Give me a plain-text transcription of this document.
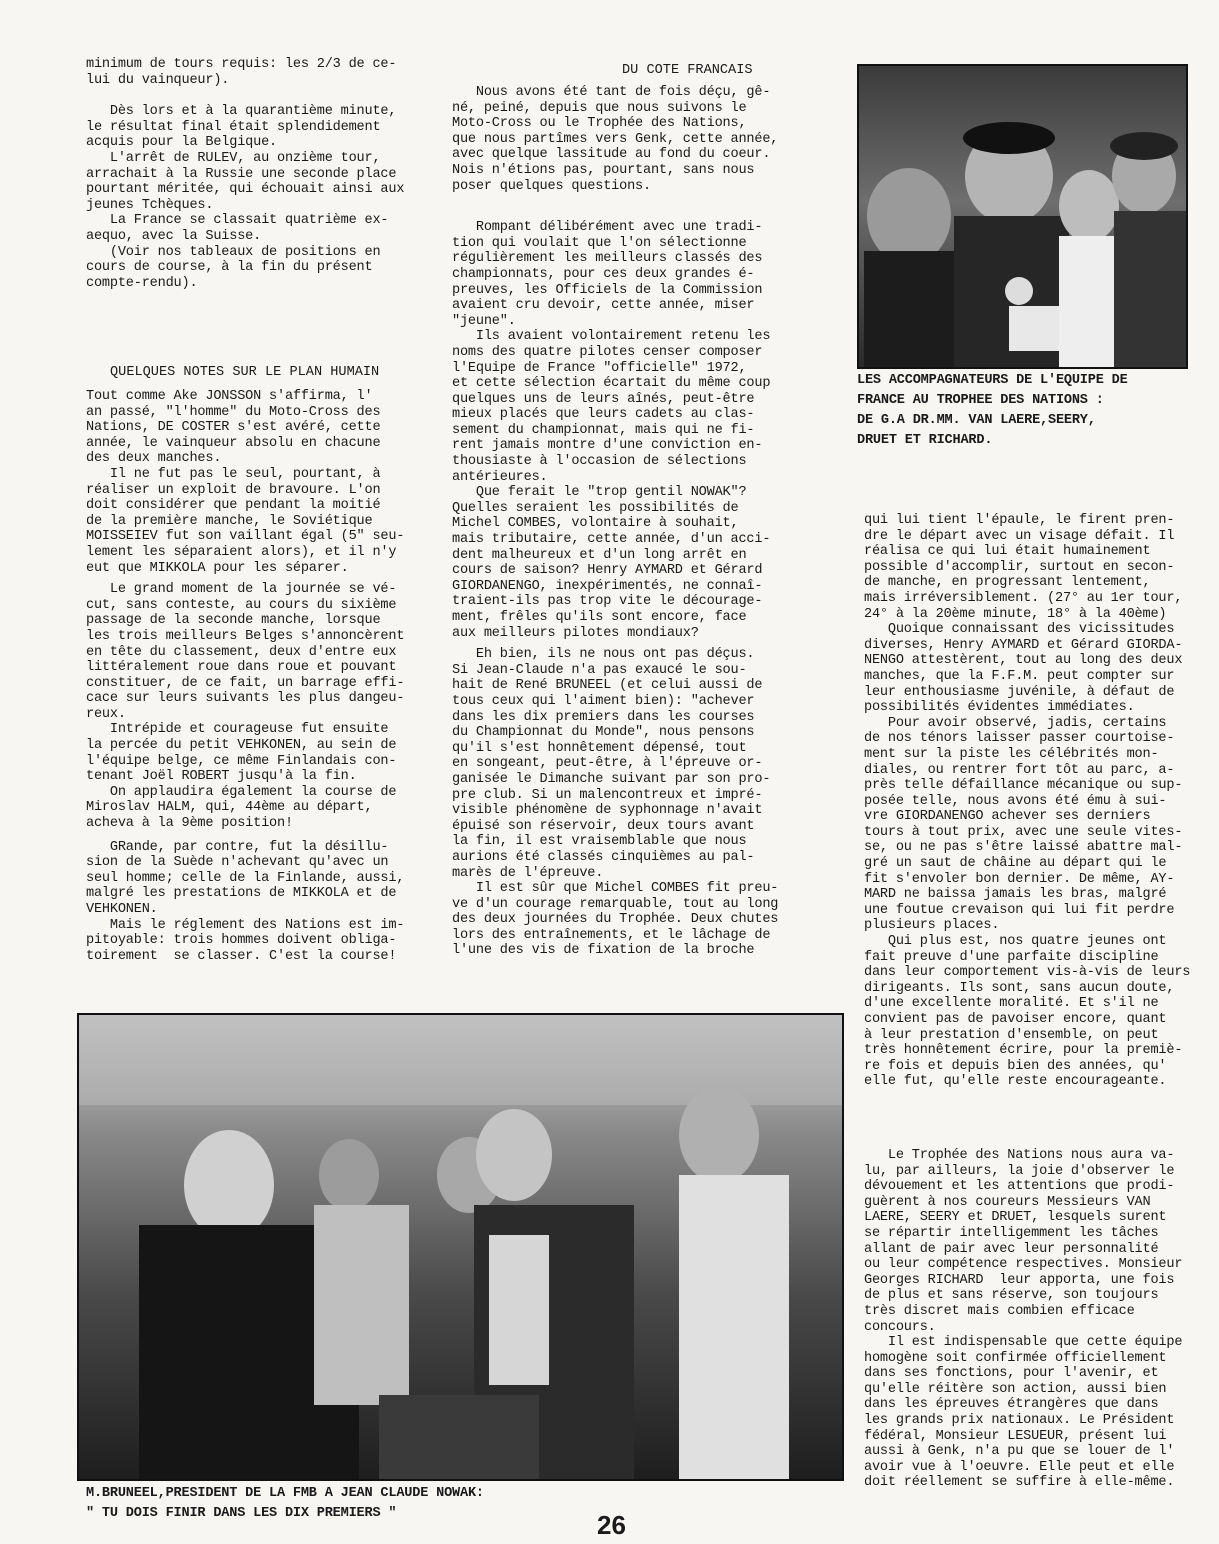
minimum de tours requis: les 2/3 de ce-

lui du vainqueur).

Dès lors et à la quarantième minute,

le résultat final était splendidement

acquis pour la Belgique.

L'arrêt de RULEV, au onzième tour,

arrachait à la Russie une seconde place

pourtant méritée, qui échouait ainsi aux

jeunes Tchèques.

La France se classait quatrième ex-

aequo, avec la Suisse.

(Voir nos tableaux de positions en

cours de course, à la fin du présent

compte-rendu).

QUELQUES NOTES SUR LE PLAN HUMAIN

Tout comme Ake JONSSON s'affirma, l'

an passé, "l'homme" du Moto-Cross des

Nations, DE COSTER s'est avéré, cette

année, le vainqueur absolu en chacune

des deux manches.

Il ne fut pas le seul, pourtant, à

réaliser un exploit de bravoure. L'on

doit considérer que pendant la moitié

de la première manche, le Soviétique

MOISSEIEV fut son vaillant égal (5" seu-

lement les séparaient alors), et il n'y

eut que MIKKOLA pour les séparer.

Le grand moment de la journée se vé-

cut, sans conteste, au cours du sixième

passage de la seconde manche, lorsque

les trois meilleurs Belges s'annoncèrent

en tête du classement, deux d'entre eux

littéralement roue dans roue et pouvant

constituer, de ce fait, un barrage effi-

cace sur leurs suivants les plus dangeu-

reux.

Intrépide et courageuse fut ensuite

la percée du petit VEHKONEN, au sein de

l'équipe belge, ce même Finlandais con-

tenant Joël ROBERT jusqu'à la fin.

On applaudira également la course de

Miroslav HALM, qui, 44ème au départ,

acheva à la 9ème position!

GRande, par contre, fut la désillu-

sion de la Suède n'achevant qu'avec un

seul homme; celle de la Finlande, aussi,

malgré les prestations de MIKKOLA et de

VEHKONEN.

Mais le réglement des Nations est im-

pitoyable: trois hommes doivent obliga-

toirement  se classer. C'est la course!

DU COTE FRANCAIS

Nous avons été tant de fois déçu, gê-

né, peiné, depuis que nous suivons le

Moto-Cross ou le Trophée des Nations,

que nous partîmes vers Genk, cette année,

avec quelque lassitude au fond du coeur.

Nois n'étions pas, pourtant, sans nous

poser quelques questions.

Rompant délibérément avec une tradi-

tion qui voulait que l'on sélectionne

régulièrement les meilleurs classés des

championnats, pour ces deux grandes é-

preuves, les Officiels de la Commission

avaient cru devoir, cette année, miser

"jeune".

Ils avaient volontairement retenu les

noms des quatre pilotes censer composer

l'Equipe de France "officielle" 1972,

et cette sélection écartait du même coup

quelques uns de leurs aînés, peut-être

mieux placés que leurs cadets au clas-

sement du championnat, mais qui ne fi-

rent jamais montre d'une conviction en-

thousiaste à l'occasion de sélections

antérieures.

Que ferait le "trop gentil NOWAK"?

Quelles seraient les possibilités de

Michel COMBES, volontaire à souhait,

mais tributaire, cette année, d'un acci-

dent malheureux et d'un long arrêt en

cours de saison? Henry AYMARD et Gérard

GIORDANENGO, inexpérimentés, ne connaî-

traient-ils pas trop vite le décourage-

ment, frêles qu'ils sont encore, face

aux meilleurs pilotes mondiaux?

Eh bien, ils ne nous ont pas déçus.

Si Jean-Claude n'a pas exaucé le sou-

hait de René BRUNEEL (et celui aussi de

tous ceux qui l'aiment bien): "achever

dans les dix premiers dans les courses

du Championnat du Monde", nous pensons

qu'il s'est honnêtement dépensé, tout

en songeant, peut-être, à l'épreuve or-

ganisée le Dimanche suivant par son pro-

pre club. Si un malencontreux et impré-

visible phénomène de syphonnage n'avait

épuisé son réservoir, deux tours avant

la fin, il est vraisemblable que nous

aurions été classés cinquièmes au pal-

marès de l'épreuve.

Il est sûr que Michel COMBES fit preu-

ve d'un courage remarquable, tout au long

des deux journées du Trophée. Deux chutes

lors des entraînements, et le lâchage de

l'une des vis de fixation de la broche

LES ACCOMPAGNATEURS DE L'EQUIPE DE

FRANCE AU TROPHEE DES NATIONS :

DE G.A DR.MM. VAN LAERE,SEERY,

DRUET ET RICHARD.

qui lui tient l'épaule, le firent pren-

dre le départ avec un visage défait. Il

réalisa ce qui lui était humainement

possible d'accomplir, surtout en secon-

de manche, en progressant lentement,

mais irréversiblement. (27° au 1er tour,

24° à la 20ème minute, 18° à la 40ème)

Quoique connaissant des vicissitudes

diverses, Henry AYMARD et Gérard GIORDA-

NENGO attestèrent, tout au long des deux

manches, que la F.F.M. peut compter sur

leur enthousiasme juvénile, à défaut de

possibilités évidentes immédiates.

Pour avoir observé, jadis, certains

de nos ténors laisser passer courtoise-

ment sur la piste les célébrités mon-

diales, ou rentrer fort tôt au parc, a-

près telle défaillance mécanique ou sup-

posée telle, nous avons été ému à sui-

vre GIORDANENGO achever ses derniers

tours à tout prix, avec une seule vites-

se, ou ne pas s'être laissé abattre mal-

gré un saut de châine au départ qui le

fit s'envoler bon dernier. De même, AY-

MARD ne baissa jamais les bras, malgré

une foutue crevaison qui lui fit perdre

plusieurs places.

Qui plus est, nos quatre jeunes ont

fait preuve d'une parfaite discipline

dans leur comportement vis-à-vis de leurs

dirigeants. Ils sont, sans aucun doute,

d'une excellente moralité. Et s'il ne

convient pas de pavoiser encore, quant

à leur prestation d'ensemble, on peut

très honnêtement écrire, pour la premiè-

re fois et depuis bien des années, qu'

elle fut, qu'elle reste encourageante.

Le Trophée des Nations nous aura va-

lu, par ailleurs, la joie d'observer le

dévouement et les attentions que prodi-

guèrent à nos coureurs Messieurs VAN

LAERE, SEERY et DRUET, lesquels surent

se répartir intelligemment les tâches

allant de pair avec leur personnalité

ou leur compétence respectives. Monsieur

Georges RICHARD  leur apporta, une fois

de plus et sans réserve, son toujours

très discret mais combien efficace

concours.

Il est indispensable que cette équipe

homogène soit confirmée officiellement

dans ses fonctions, pour l'avenir, et

qu'elle réitère son action, aussi bien

dans les épreuves étrangères que dans

les grands prix nationaux. Le Président

fédéral, Monsieur LESUEUR, présent lui

aussi à Genk, n'a pu que se louer de l'

avoir vue à l'oeuvre. Elle peut et elle

doit réellement se suffire à elle-même.

M.BRUNEEL,PRESIDENT DE LA FMB A JEAN CLAUDE NOWAK:

" TU DOIS FINIR DANS LES DIX PREMIERS "	26
